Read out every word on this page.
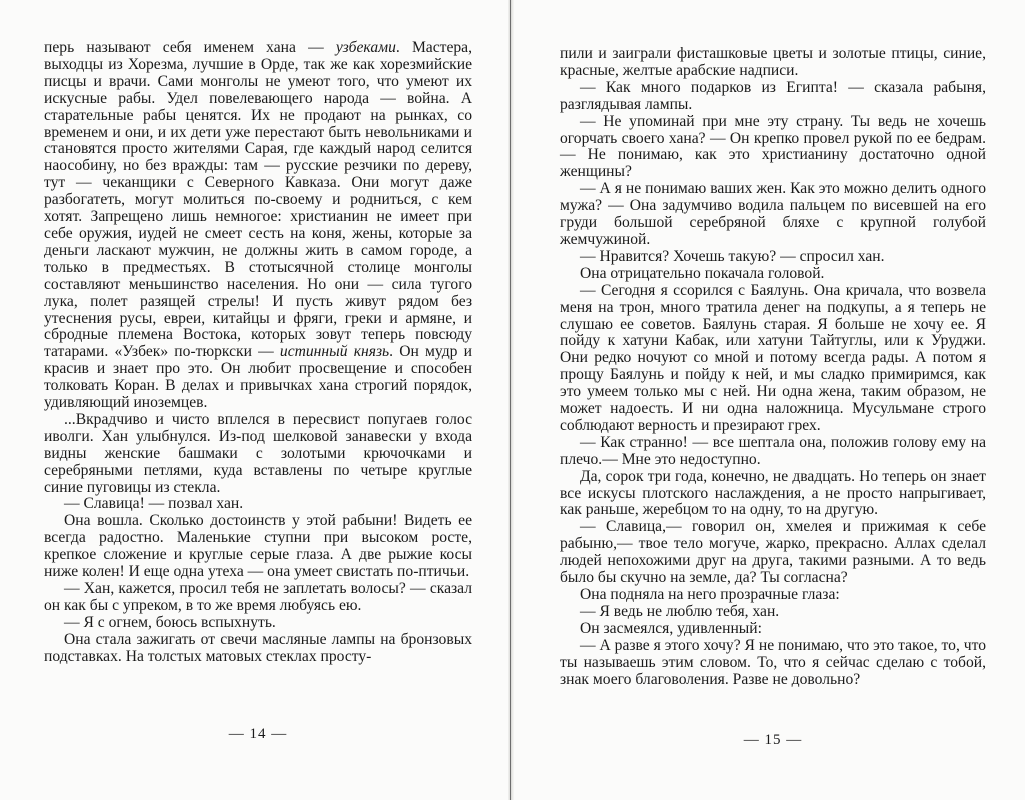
перь называют себя именем хана — узбеками. Мастера, выходцы из Хорезма, лучшие в Орде, так же как хорезмийские писцы и врачи. Сами монголы не умеют того, что умеют их искусные рабы. Удел повелевающего народа — война. А старательные рабы ценятся. Их не продают на рынках, со временем и они, и их дети уже перестают быть невольниками и становятся просто жителями Сарая, где каждый народ селится наособину, но без вражды: там — русские резчики по дереву, тут — чеканщики с Северного Кавказа. Они могут даже разбогатеть, могут молиться по-своему и родниться, с кем хотят. Запрещено лишь немногое: христианин не имеет при себе оружия, иудей не смеет сесть на коня, жены, которые за деньги ласкают мужчин, не должны жить в самом городе, а только в предместьях. В стотысячной столице монголы составляют меньшинство населения. Но они — сила тугого лука, полет разящей стрелы! И пусть живут рядом без утеснения русы, евреи, китайцы и фряги, греки и армяне, и сбродные племена Востока, которых зовут теперь повсюду татарами. «Узбек» по-тюркски — истинный князь. Он мудр и красив и знает про это. Он любит просвещение и способен толковать Коран. В делах и привычках хана строгий порядок, удивляющий иноземцев.

...Вкрадчиво и чисто вплелся в пересвист попугаев голос иволги. Хан улыбнулся. Из-под шелковой занавески у входа видны женские башмаки с золотыми крючочками и серебряными петлями, куда вставлены по четыре круглые синие пуговицы из стекла.

— Славица! — позвал хан.

Она вошла. Сколько достоинств у этой рабыни! Видеть ее всегда радостно. Маленькие ступни при высоком росте, крепкое сложение и круглые серые глаза. А две рыжие косы ниже колен! И еще одна утеха — она умеет свистать по-птичьи.

— Хан, кажется, просил тебя не заплетать волосы? — сказал он как бы с упреком, в то же время любуясь ею.

— Я с огнем, боюсь вспыхнуть.

Она стала зажигать от свечи масляные лампы на бронзовых подставках. На толстых матовых стеклах просту-

— 14 —

пили и заиграли фисташковые цветы и золотые птицы, синие, красные, желтые арабские надписи.

— Как много подарков из Египта! — сказала рабыня, разглядывая лампы.

— Не упоминай при мне эту страну. Ты ведь не хочешь огорчать своего хана? — Он крепко провел рукой по ее бедрам.— Не понимаю, как это христианину достаточно одной женщины?

— А я не понимаю ваших жен. Как это можно делить одного мужа? — Она задумчиво водила пальцем по висевшей на его груди большой серебряной бляхе с крупной голубой жемчужиной.

— Нравится? Хочешь такую? — спросил хан.

Она отрицательно покачала головой.

— Сегодня я ссорился с Баялунь. Она кричала, что возвела меня на трон, много тратила денег на подкупы, а я теперь не слушаю ее советов. Баялунь старая. Я больше не хочу ее. Я пойду к хатуни Кабак, или хатуни Тайтуглы, или к Уруджи. Они редко ночуют со мной и потому всегда рады. А потом я прощу Баялунь и пойду к ней, и мы сладко примиримся, как это умеем только мы с ней. Ни одна жена, таким образом, не может надоесть. И ни одна наложница. Мусульмане строго соблюдают верность и презирают грех.

— Как странно! — все шептала она, положив голову ему на плечо.— Мне это недоступно.

Да, сорок три года, конечно, не двадцать. Но теперь он знает все искусы плотского наслаждения, а не просто напрыгивает, как раньше, жеребцом то на одну, то на другую.

— Славица,— говорил он, хмелея и прижимая к себе рабыню,— твое тело могуче, жарко, прекрасно. Аллах сделал людей непохожими друг на друга, такими разными. А то ведь было бы скучно на земле, да? Ты согласна?

Она подняла на него прозрачные глаза:

— Я ведь не люблю тебя, хан.

Он засмеялся, удивленный:

— А разве я этого хочу? Я не понимаю, что это такое, то, что ты называешь этим словом. То, что я сейчас сделаю с тобой, знак моего благоволения. Разве не довольно?

— 15 —
